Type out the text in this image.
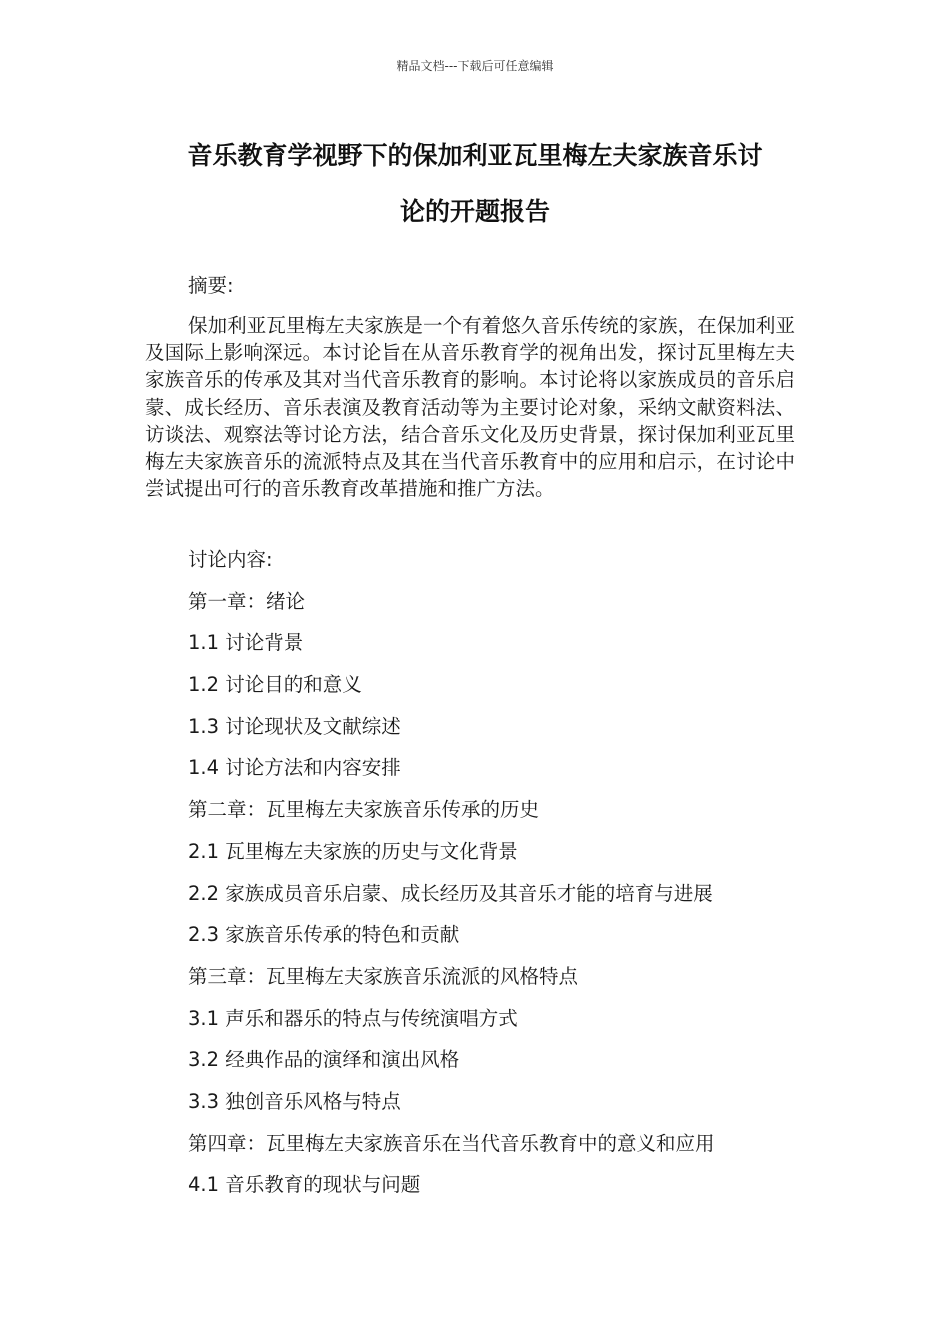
精品文档---下载后可任意编辑
音乐教育学视野下的保加利亚瓦里梅左夫家族音乐讨
论的开题报告
摘要:

保加利亚瓦里梅左夫家族是一个有着悠久音乐传统的家族，在保加利亚及国际上影响深远。本讨论旨在从音乐教育学的视角出发，探讨瓦里梅左夫家族音乐的传承及其对当代音乐教育的影响。本讨论将以家族成员的音乐启蒙、成长经历、音乐表演及教育活动等为主要讨论对象，采纳文献资料法、访谈法、观察法等讨论方法，结合音乐文化及历史背景，探讨保加利亚瓦里梅左夫家族音乐的流派特点及其在当代音乐教育中的应用和启示，在讨论中尝试提出可行的音乐教育改革措施和推广方法。

讨论内容:
第一章：绪论
1.1 讨论背景
1.2 讨论目的和意义
1.3 讨论现状及文献综述
1.4 讨论方法和内容安排
第二章：瓦里梅左夫家族音乐传承的历史
2.1 瓦里梅左夫家族的历史与文化背景
2.2 家族成员音乐启蒙、成长经历及其音乐才能的培育与进展
2.3 家族音乐传承的特色和贡献
第三章：瓦里梅左夫家族音乐流派的风格特点
3.1 声乐和器乐的特点与传统演唱方式
3.2 经典作品的演绎和演出风格
3.3 独创音乐风格与特点
第四章：瓦里梅左夫家族音乐在当代音乐教育中的意义和应用
4.1 音乐教育的现状与问题
